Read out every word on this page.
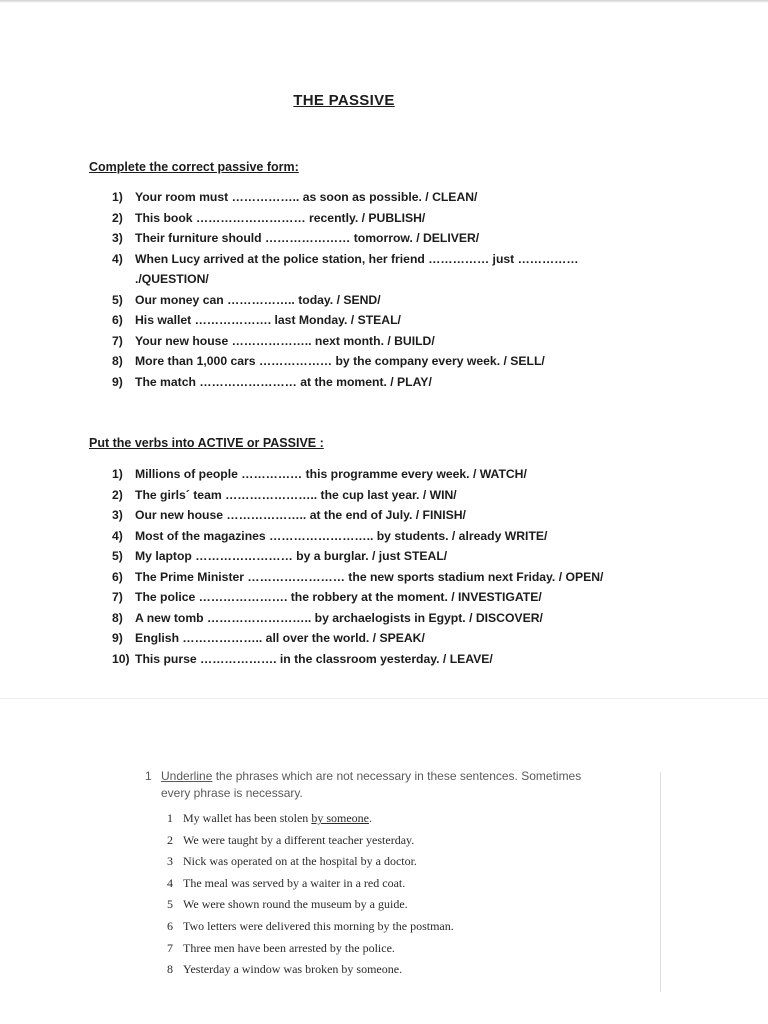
THE PASSIVE
Complete the correct passive form:
1) Your room must …………….. as soon as possible. / CLEAN/
2) This book ……………………… recently. / PUBLISH/
3) Their furniture should ………………… tomorrow. / DELIVER/
4) When Lucy arrived at the police station, her friend …………… just ……………
./QUESTION/
5) Our money can …………….. today. / SEND/
6) His wallet ………………. last Monday. / STEAL/
7) Your new house ……………….. next month. / BUILD/
8) More than 1,000 cars ……………… by the company every week. / SELL/
9) The match …………………… at the moment. / PLAY/
Put the verbs into ACTIVE or PASSIVE :
1) Millions of people …………… this programme every week. / WATCH/
2) The girls´ team ………………….. the cup last year. / WIN/
3) Our new house ……………….. at the end of July. / FINISH/
4) Most of the magazines …………………….. by students. / already WRITE/
5) My laptop …………………… by a burglar. / just STEAL/
6) The Prime Minister …………………… the new sports stadium next Friday. / OPEN/
7) The police …………………. the robbery at the moment. / INVESTIGATE/
8) A new tomb …………………….. by archaelogists in Egypt. / DISCOVER/
9) English ……………….. all over the world. / SPEAK/
10) This purse ………………. in the classroom yesterday. / LEAVE/
1 Underline the phrases which are not necessary in these sentences. Sometimes
every phrase is necessary.
1 My wallet has been stolen by someone.
2 We were taught by a different teacher yesterday.
3 Nick was operated on at the hospital by a doctor.
4 The meal was served by a waiter in a red coat.
5 We were shown round the museum by a guide.
6 Two letters were delivered this morning by the postman.
7 Three men have been arrested by the police.
8 Yesterday a window was broken by someone.
